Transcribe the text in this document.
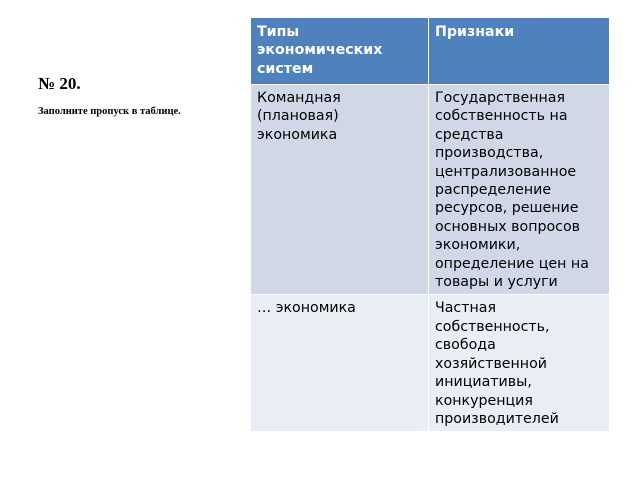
№ 20.

Заполните пропуск в таблице.

Типы экономических систем	Признаки
Командная (плановая) экономика	Государственная собственность на средства производства, централизованное распределение ресурсов, решение основных вопросов экономики, определение цен на товары и услуги
… экономика	Частная собственность, свобода хозяйственной инициативы, конкуренция производителей
